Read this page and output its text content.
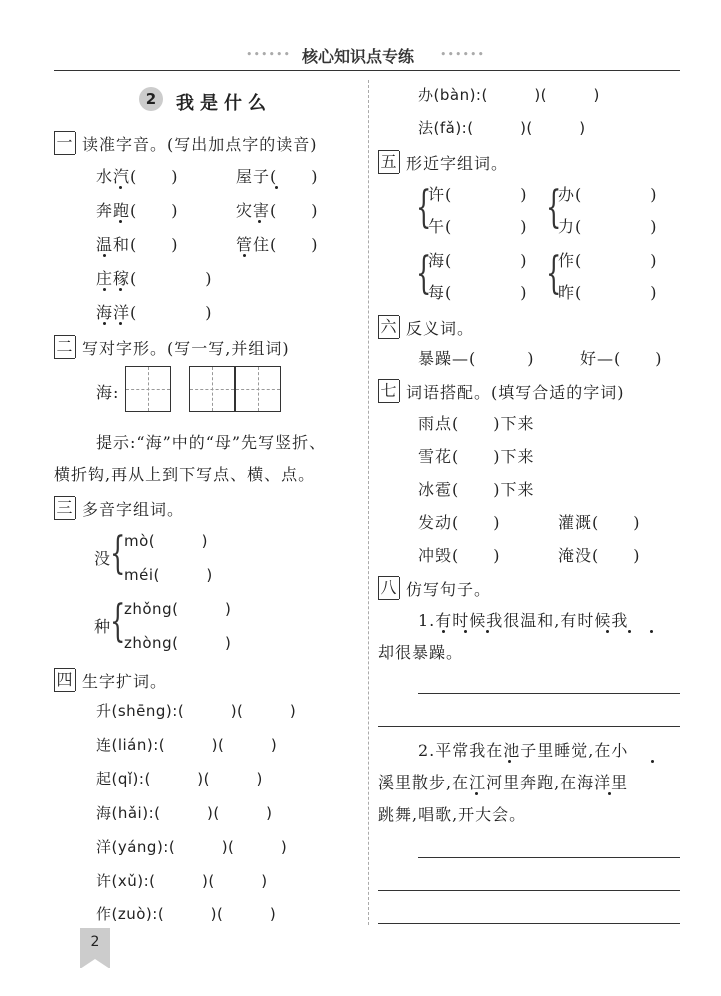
•••••• 核心知识点专练 ••••••
2	我是什么
一 读准字音。(写出加点字的读音)
水汽(　　)	屋子(　　)
奔跑(　　)	灾害(　　)
温和(　　)	管住(　　)
庄稼(　　　　)
海洋(　　　　)
二 写对字形。(写一写,并组词)
海:
提示:“海”中的“母”先写竖折、
横折钩,再从上到下写点、横、点。
三 多音字组词。
没
{
mò(　　　)
méi(　　　)
种
{
zhǒng(　　　)
zhòng(　　　)
四 生字扩词。
升(shēng):(　　　)(　　　)
连(lián):(　　　)(　　　)
起(qǐ):(　　　)(　　　)
海(hǎi):(　　　)(　　　)
洋(yáng):(　　　)(　　　)
许(xǔ):(　　　)(　　　)
作(zuò):(　　　)(　　　)
办(bàn):(　　　)(　　　)
法(fǎ):(　　　)(　　　)
五 形近字组词。
{
许(　　　　)
午(　　　　) {
办(　　　　)
力(　　　　)
{
海(　　　　)
每(　　　　) {
作(　　　　)
昨(　　　　)
六 反义词。
暴躁—(　　　)	好—(　　)
七 词语搭配。(填写合适的字词)
雨点(　　)下来
雪花(　　)下来
冰雹(　　)下来
发动(　　)	灌溉(　　)
冲毁(　　)	淹没(　　)
八 仿写句子。
1.有时候我很温和,有时候我
却很暴躁。
2.平常我在池子里睡觉,在小
溪里散步,在江河里奔跑,在海洋里
跳舞,唱歌,开大会。
2
